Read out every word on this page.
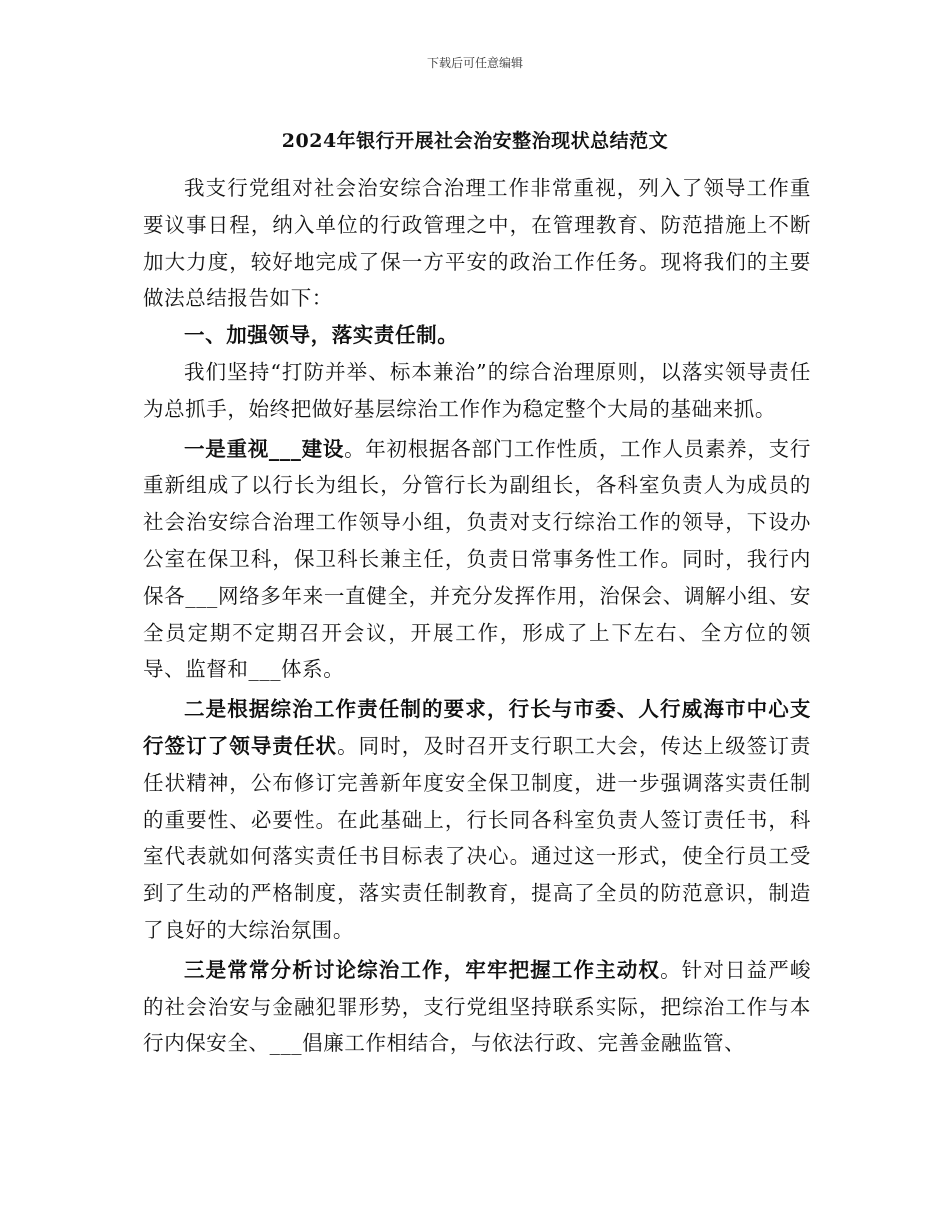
下载后可任意编辑
2024年银行开展社会治安整治现状总结范文

我支行党组对社会治安综合治理工作非常重视，列入了领导工作重要议事日程，纳入单位的行政管理之中，在管理教育、防范措施上不断加大力度，较好地完成了保一方平安的政治工作任务。现将我们的主要做法总结报告如下：

一、加强领导，落实责任制。

我们坚持“打防并举、标本兼治”的综合治理原则，以落实领导责任为总抓手，始终把做好基层综治工作作为稳定整个大局的基础来抓。

一是重视___建设。年初根据各部门工作性质，工作人员素养，支行重新组成了以行长为组长，分管行长为副组长，各科室负责人为成员的社会治安综合治理工作领导小组，负责对支行综治工作的领导，下设办公室在保卫科，保卫科长兼主任，负责日常事务性工作。同时，我行内保各___网络多年来一直健全，并充分发挥作用，治保会、调解小组、安全员定期不定期召开会议，开展工作，形成了上下左右、全方位的领导、监督和___体系。

二是根据综治工作责任制的要求，行长与市委、人行威海市中心支行签订了领导责任状。同时，及时召开支行职工大会，传达上级签订责任状精神，公布修订完善新年度安全保卫制度，进一步强调落实责任制的重要性、必要性。在此基础上，行长同各科室负责人签订责任书，科室代表就如何落实责任书目标表了决心。通过这一形式，使全行员工受到了生动的严格制度，落实责任制教育，提高了全员的防范意识，制造了良好的大综治氛围。

三是常常分析讨论综治工作，牢牢把握工作主动权。针对日益严峻的社会治安与金融犯罪形势，支行党组坚持联系实际，把综治工作与本行内保安全、___倡廉工作相结合，与依法行政、完善金融监管、
